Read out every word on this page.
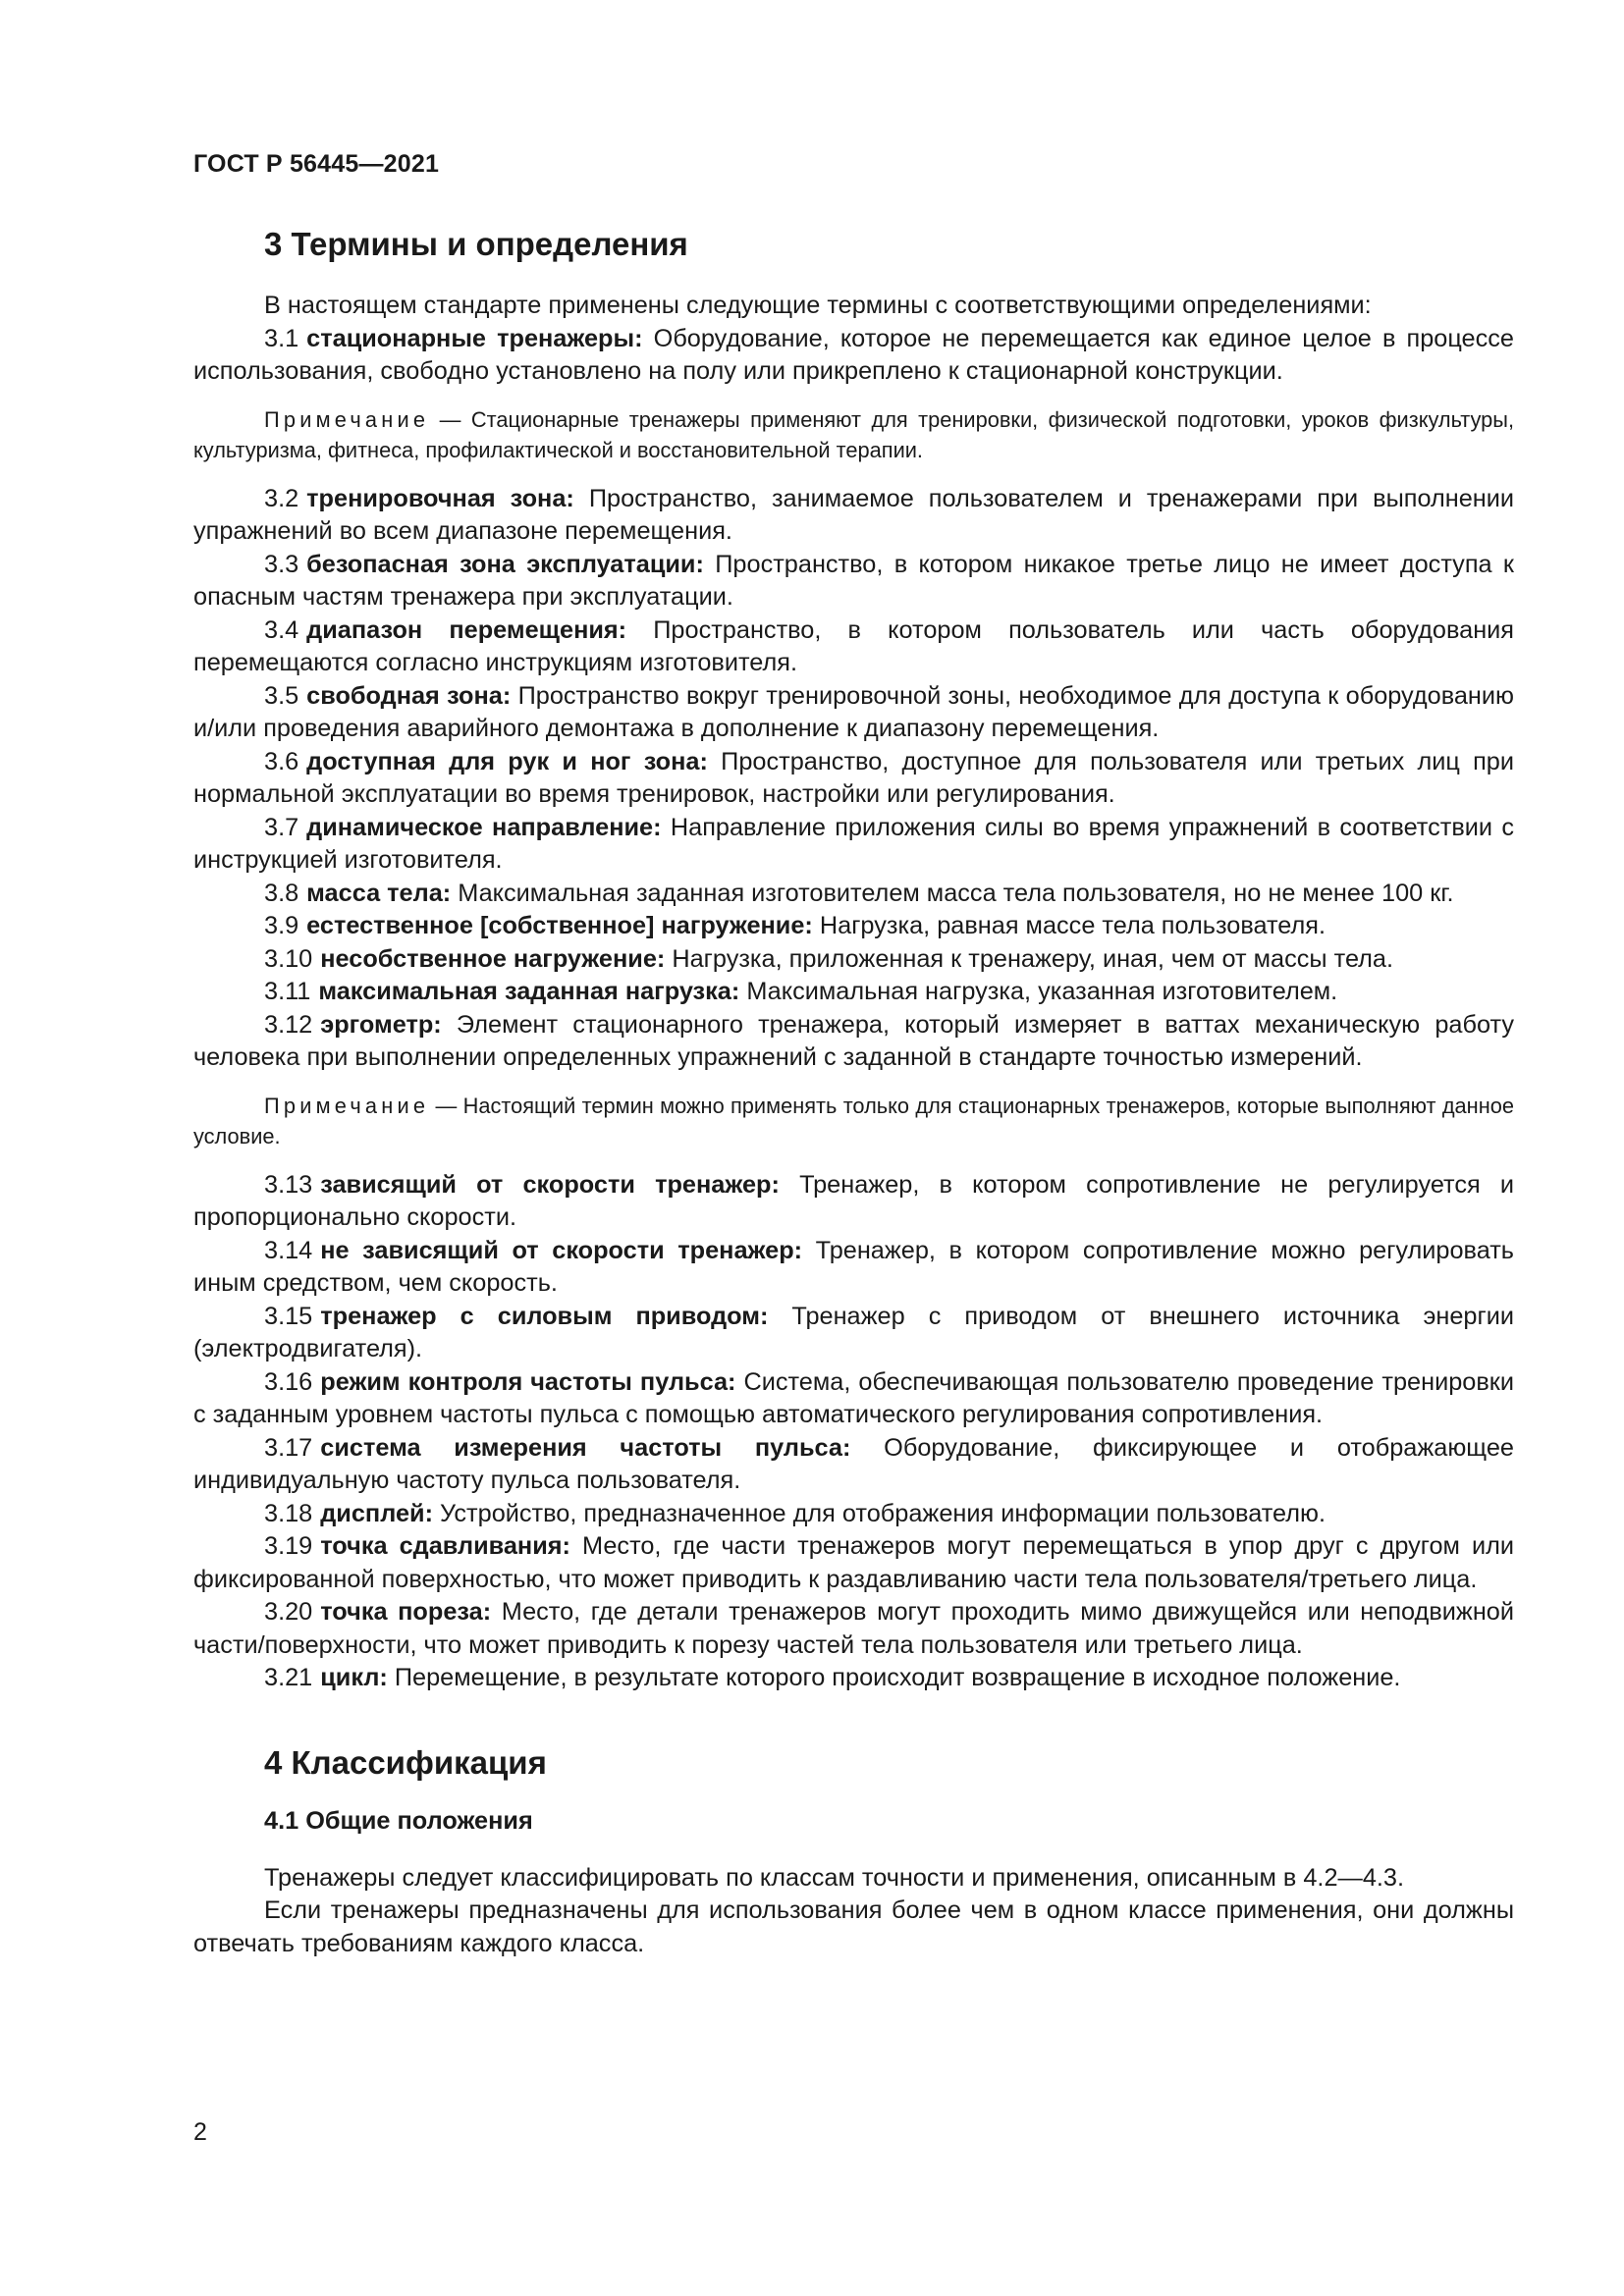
ГОСТ Р 56445—2021
3 Термины и определения

В настоящем стандарте применены следующие термины с соответствующими определениями:

3.1 стационарные тренажеры: Оборудование, которое не перемещается как единое целое в процессе использования, свободно установлено на полу или прикреплено к стационарной конструкции.

Примечание — Стационарные тренажеры применяют для тренировки, физической подготовки, уроков физкультуры, культуризма, фитнеса, профилактической и восстановительной терапии.

3.2 тренировочная зона: Пространство, занимаемое пользователем и тренажерами при выполнении упражнений во всем диапазоне перемещения.

3.3 безопасная зона эксплуатации: Пространство, в котором никакое третье лицо не имеет доступа к опасным частям тренажера при эксплуатации.

3.4 диапазон перемещения: Пространство, в котором пользователь или часть оборудования перемещаются согласно инструкциям изготовителя.

3.5 свободная зона: Пространство вокруг тренировочной зоны, необходимое для доступа к оборудованию и/или проведения аварийного демонтажа в дополнение к диапазону перемещения.

3.6 доступная для рук и ног зона: Пространство, доступное для пользователя или третьих лиц при нормальной эксплуатации во время тренировок, настройки или регулирования.

3.7 динамическое направление: Направление приложения силы во время упражнений в соответствии с инструкцией изготовителя.

3.8 масса тела: Максимальная заданная изготовителем масса тела пользователя, но не менее 100 кг.

3.9 естественное [собственное] нагружение: Нагрузка, равная массе тела пользователя.

3.10 несобственное нагружение: Нагрузка, приложенная к тренажеру, иная, чем от массы тела.

3.11 максимальная заданная нагрузка: Максимальная нагрузка, указанная изготовителем.

3.12 эргометр: Элемент стационарного тренажера, который измеряет в ваттах механическую работу человека при выполнении определенных упражнений с заданной в стандарте точностью измерений.

Примечание — Настоящий термин можно применять только для стационарных тренажеров, которые выполняют данное условие.

3.13 зависящий от скорости тренажер: Тренажер, в котором сопротивление не регулируется и пропорционально скорости.

3.14 не зависящий от скорости тренажер: Тренажер, в котором сопротивление можно регулировать иным средством, чем скорость.

3.15 тренажер с силовым приводом: Тренажер с приводом от внешнего источника энергии (электродвигателя).

3.16 режим контроля частоты пульса: Система, обеспечивающая пользователю проведение тренировки с заданным уровнем частоты пульса с помощью автоматического регулирования сопротивления.

3.17 система измерения частоты пульса: Оборудование, фиксирующее и отображающее индивидуальную частоту пульса пользователя.

3.18 дисплей: Устройство, предназначенное для отображения информации пользователю.

3.19 точка сдавливания: Место, где части тренажеров могут перемещаться в упор друг с другом или фиксированной поверхностью, что может приводить к раздавливанию части тела пользователя/третьего лица.

3.20 точка пореза: Место, где детали тренажеров могут проходить мимо движущейся или неподвижной части/поверхности, что может приводить к порезу частей тела пользователя или третьего лица.

3.21 цикл: Перемещение, в результате которого происходит возвращение в исходное положение.

4 Классификация
4.1 Общие положения

Тренажеры следует классифицировать по классам точности и применения, описанным в 4.2—4.3.

Если тренажеры предназначены для использования более чем в одном классе применения, они должны отвечать требованиям каждого класса.

2
